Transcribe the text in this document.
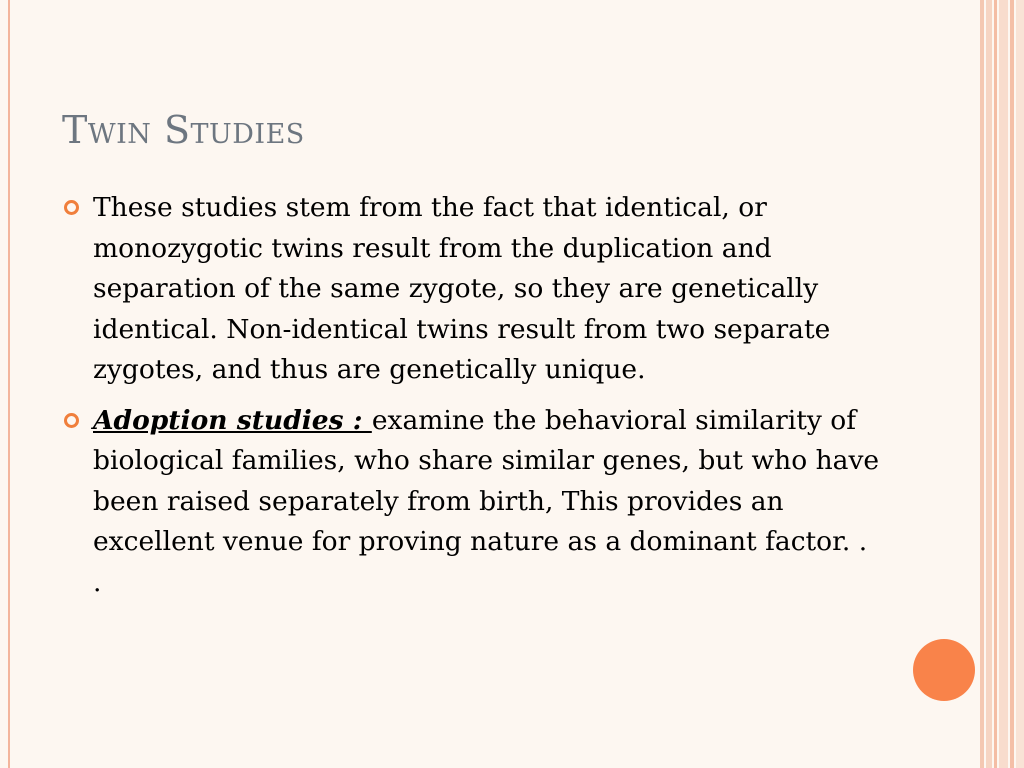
Twin Studies
These studies stem from the fact that identical, or monozygotic twins result from the duplication and separation of the same zygote, so they are genetically identical. Non-identical twins result from two separate zygotes, and thus are genetically unique.
Adoption studies : examine the behavioral similarity of biological families, who share similar genes, but who have been raised separately from birth, This provides an excellent venue for proving nature as a dominant factor. . .
